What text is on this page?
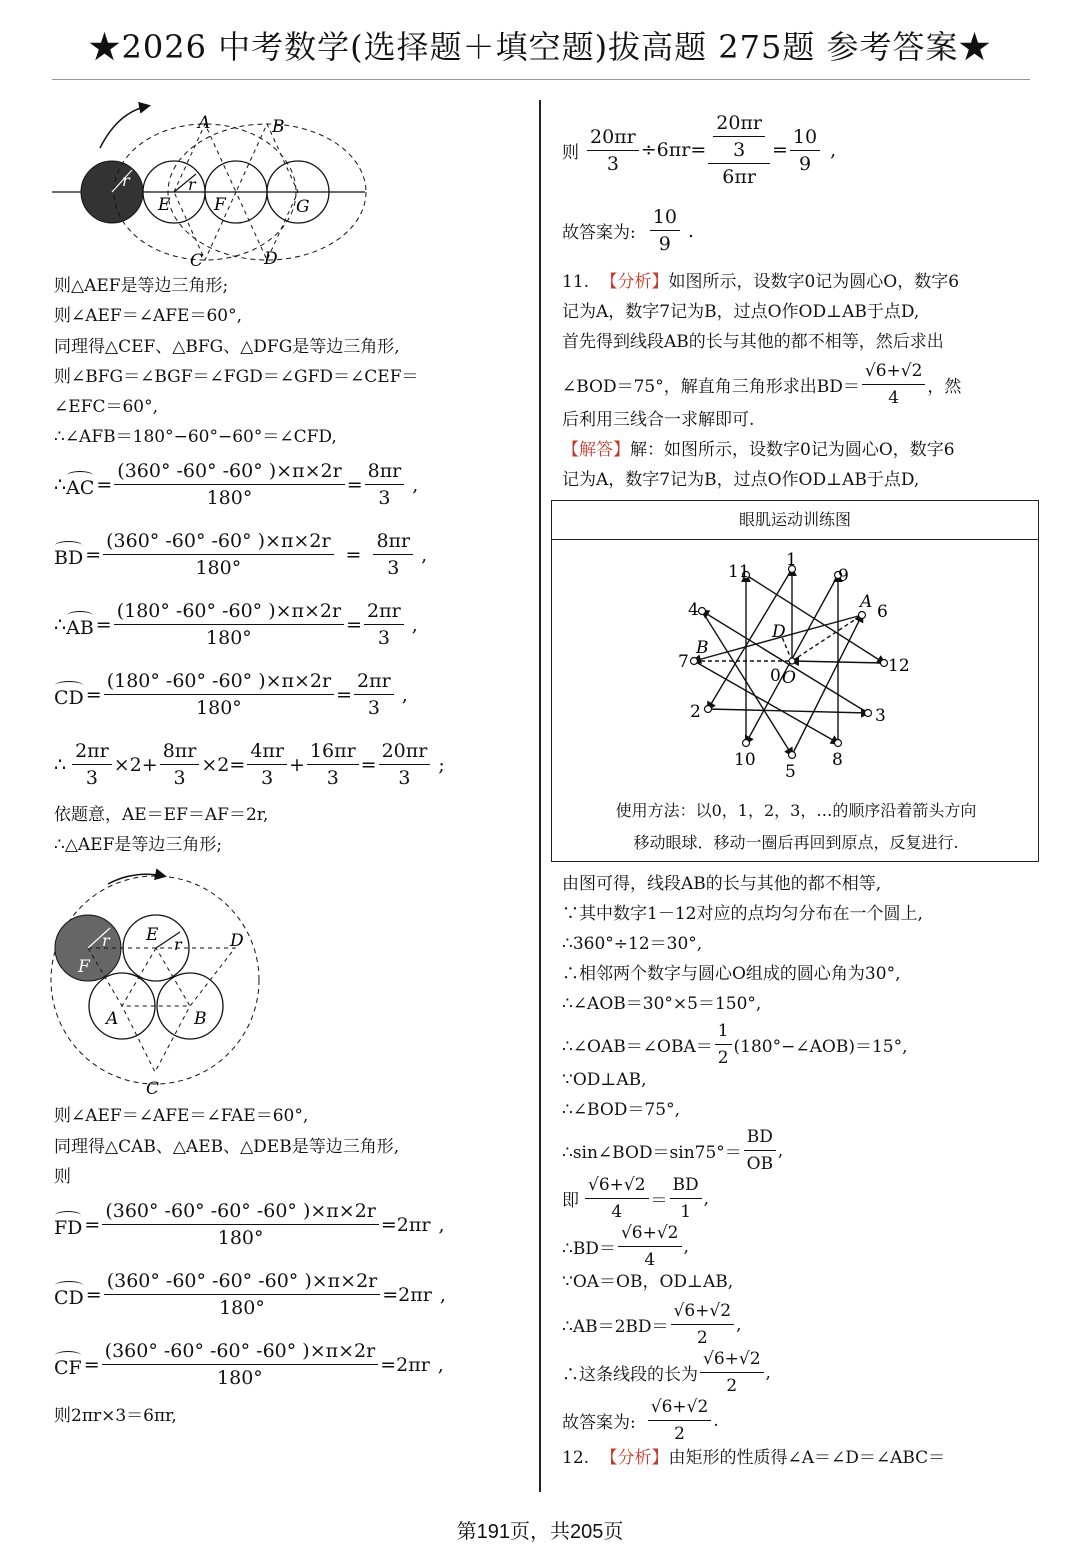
★2026 中考数学(选择题＋填空题)拔高题 275题 参考答案★
A	B
C	D
E	F	G
r	r
则△AEF是等边三角形;
则∠AEF＝∠AFE＝60°,
同理得△CEF、△BFG、△DFG是等边三角形,
则∠BFG＝∠BGF＝∠FGD＝∠GFD＝∠CEF＝
∠EFC＝60°,
∴∠AFB＝180°−60°−60°＝∠CFD,
∴ AC = $\frac{(360^\circ -60^\circ -60^\circ )\times\pi\times 2r}{180^\circ} = \frac{8\pi r}{3}$ ,
BD = $\frac{(360^\circ -60^\circ -60^\circ )\times\pi\times 2r}{180^\circ} = \frac{8\pi r}{3}$ ,
∴ AB = $\frac{(180^\circ -60^\circ -60^\circ )\times\pi\times 2r}{180^\circ} = \frac{2\pi r}{3}$ ,
CD = $\frac{(180^\circ -60^\circ -60^\circ )\times\pi\times 2r}{180^\circ} = \frac{2\pi r}{3}$ ,
∴ $\frac{2\pi r}{3} \times 2+ \frac{8\pi r}{3} \times 2= \frac{4\pi r}{3} + \frac{16\pi r}{3} = \frac{20\pi r}{3}$ ;
依题意，AE＝EF＝AF＝2r,
∴△AEF是等边三角形;
A	B
C
D
E
F
r	r
则∠AEF＝∠AFE＝∠FAE＝60°,
同理得△CAB、△AEB、△DEB是等边三角形,
则
FD = $\frac{(360^\circ -60^\circ -60^\circ -60^\circ )\times\pi\times 2r}{180^\circ} =2\pi r$ ,
CD = $\frac{(360^\circ -60^\circ -60^\circ -60^\circ )\times\pi\times 2r}{180^\circ} =2\pi r$ ,
CF = $\frac{(360^\circ -60^\circ -60^\circ -60^\circ )\times\pi\times 2r}{180^\circ} =2\pi r$ ,
则2πr×3＝6πr,
则 $\frac{20\pi r}{3} \div 6\pi r= \frac{\frac{20\pi r}{3}}{6\pi r} = \frac{10}{9}$ ,
故答案为: $\frac{10}{9}$ .
11. 【分析】如图所示，设数字0记为圆心O，数字6
记为A，数字7记为B，过点O作OD⊥AB于点D,
首先得到线段AB的长与其他的都不相等，然后求出
∠BOD＝75°，解直角三角形求出$BD= \frac{√6+√2}{4}$ ，然
后利用三线合一求解即可.
【解答】解：如图所示，设数字0记为圆心O，数字6
记为A，数字7记为B，过点O作OD⊥AB于点D,
眼肌运动训练图
1
2	3
4
5
6
7
8
9
10
11
12
0
A
B
D
O
使用方法：以0，1，2，3，…的顺序沿着箭头方向
移动眼球．移动一圈后再回到原点，反复进行.
由图可得，线段AB的长与其他的都不相等,
∵其中数字1－12对应的点均匀分布在一个圆上,
∴360°÷12＝30°,
∴相邻两个数字与圆心O组成的圆心角为30°,
∴∠AOB＝30°×5＝150°,
∴∠OAB＝∠OBA＝ $\frac{1}{2}$ (180°−∠AOB)＝15°,
∵OD⊥AB,
∴∠BOD＝75°,
∴sin∠BOD＝sin75°＝ $\frac{BD}{OB}$ ,
即 $\frac{√6+√2}{4} = \frac{BD}{1}$ ,
∴BD＝ $\frac{√6+√2}{4}$ ,
∵OA＝OB，OD⊥AB,
∴AB＝2BD＝ $\frac{√6+√2}{2}$ ,
∴这条线段的长为 $\frac{√6+√2}{2}$ ,
故答案为: $\frac{√6+√2}{2}$ .
12. 【分析】由矩形的性质得∠A＝∠D＝∠ABC＝
第191页，共205页
